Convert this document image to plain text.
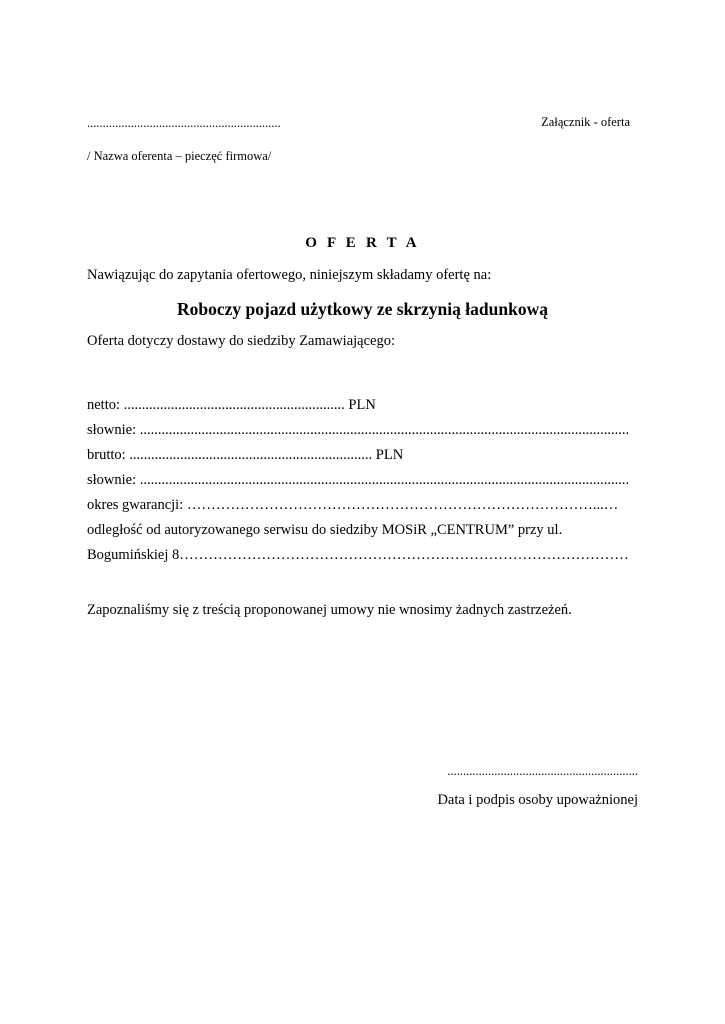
..............................................................	Załącznik - oferta
/ Nazwa oferenta – pieczęć firmowa/
O F E R T A
Nawiązując do zapytania ofertowego, niniejszym składamy ofertę na:
Roboczy pojazd użytkowy ze skrzynią ładunkową
Oferta dotyczy dostawy do siedziby Zamawiającego:
netto: ............................................................. PLN
słownie: .......................................................................................................................................
brutto: ................................................................... PLN
słownie: .......................................................................................................................................
okres gwarancji: …………………………………………………………………………...…
odległość od autoryzowanego serwisu do siedziby MOSiR „CENTRUM” przy ul.
Bogumińskiej 8…………………………………………………………………………………
Zapoznaliśmy się z treścią proponowanej umowy nie wnosimy żadnych zastrzeżeń.
.............................................................
Data i podpis osoby upoważnionej
